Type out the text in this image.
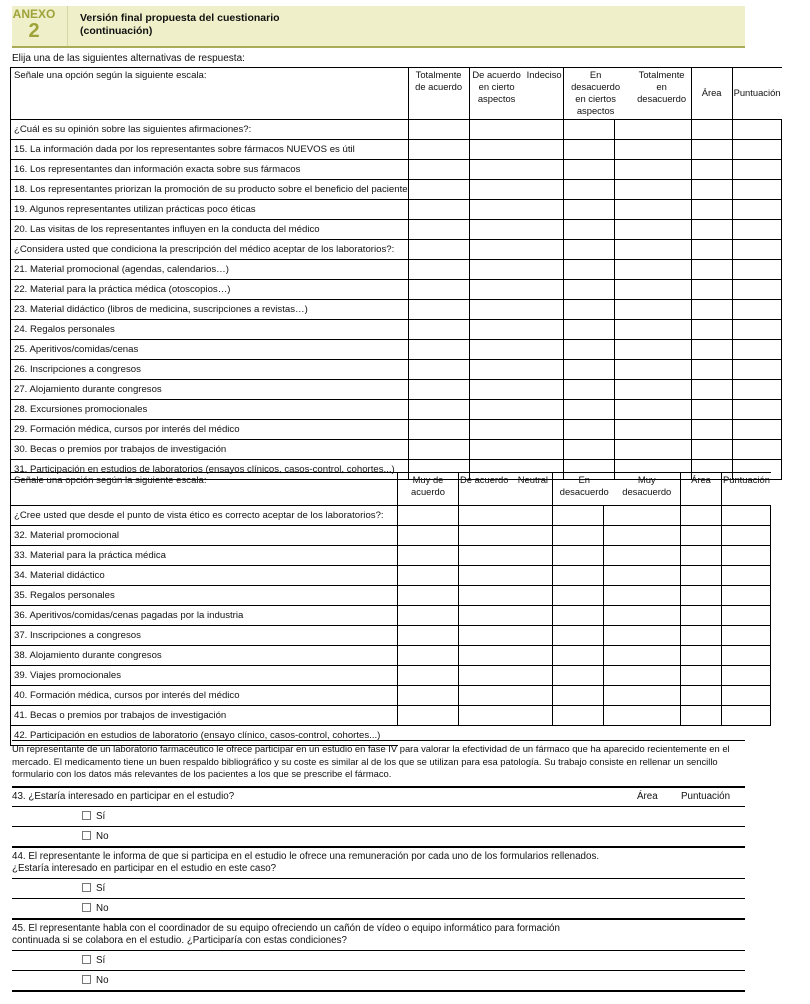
ANEXO
2
Versión final propuesta del cuestionario
(continuación)
Elija una de las siguientes alternativas de respuesta:
Señale una opción según la siguiente escala:	Totalmente de acuerdo	De acuerdo en cierto aspectos
Indeciso	En desacuerdo en ciertos aspectos
Totalmente en desacuerdo		Área	Puntuación
¿Cuál es su opinión sobre las siguientes afirmaciones?:						
15. La información dada por los representantes sobre fármacos NUEVOS es útil						
16. Los representantes dan información exacta sobre sus fármacos						
18. Los representantes priorizan la promoción de su producto sobre el beneficio del paciente						
19. Algunos representantes utilizan prácticas poco éticas						
20. Las visitas de los representantes influyen en la conducta del médico						
¿Considera usted que condiciona la prescripción del médico aceptar de los laboratorios?:						
21. Material promocional (agendas, calendarios…)						
22. Material para la práctica médica (otoscopios…)						
23. Material didáctico (libros de medicina, suscripciones a revistas…)						
24. Regalos personales						
25. Aperitivos/comidas/cenas						
26. Inscripciones a congresos						
27. Alojamiento durante congresos						
28. Excursiones promocionales						
29. Formación médica, cursos por interés del médico						
30. Becas o premios por trabajos de investigación						
31. Participación en estudios de laboratorios (ensayos clínicos, casos-control, cohortes...)						
Señale una opción según la siguiente escala:	Muy de acuerdo	De acuerdo Neutral	En desacuerdo
Muy desacuerdo		Área	Puntuación
¿Cree usted que desde el punto de vista ético es correcto aceptar de los laboratorios?:						
32. Material promocional						
33. Material para la práctica médica						
34. Material didáctico						
35. Regalos personales						
36. Aperitivos/comidas/cenas pagadas por la industria						
37. Inscripciones a congresos						
38. Alojamiento durante congresos						
39. Viajes promocionales						
40. Formación médica, cursos por interés del médico						
41. Becas o premios por trabajos de investigación						
42. Participación en estudios de laboratorio (ensayo clínico, casos-control, cohortes...)						
Un representante de un laboratorio farmacéutico le ofrece participar en un estudio en fase IV para valorar la efectividad de un fármaco que ha aparecido recientemente en el mercado. El medicamento tiene un buen respaldo bibliográfico y su coste es similar al de los que se utilizan para esa patología. Su trabajo consiste en rellenar un sencillo formulario con los datos más relevantes de los pacientes a los que se prescribe el fármaco.
43. ¿Estaría interesado en participar en el estudio?	Área Puntuación
Sí
No
44. El representante le informa de que si participa en el estudio le ofrece una remuneración por cada uno de los formularios rellenados.
¿Estaría interesado en participar en el estudio en este caso?
Sí
No
45. El representante habla con el coordinador de su equipo ofreciendo un cañón de vídeo o equipo informático para formación
continuada si se colabora en el estudio. ¿Participaría con estas condiciones?
Sí
No
